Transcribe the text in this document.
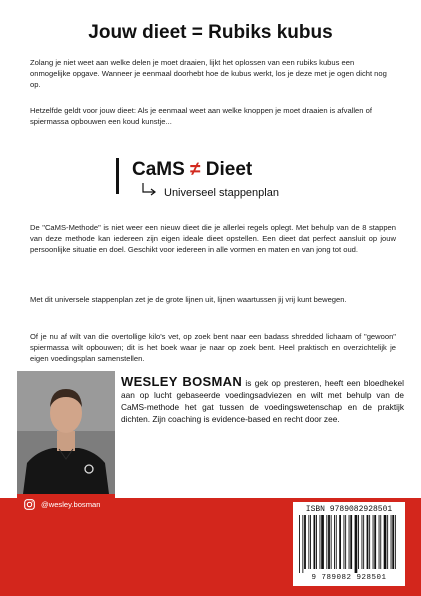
Jouw dieet = Rubiks kubus

Zolang je niet weet aan welke delen je moet draaien, lijkt het oplossen van een rubiks kubus een onmogelijke opgave. Wanneer je eenmaal doorhebt hoe de kubus werkt, los je deze met je ogen dicht nog op.

Hetzelfde geldt voor jouw dieet: Als je eenmaal weet aan welke knoppen je moet draaien is afvallen of spiermassa opbouwen een koud kunstje...

CaMS ≠ Dieet
Universeel stappenplan

De "CaMS-Methode" is niet weer een nieuw dieet die je allerlei regels oplegt. Met behulp van de 8 stappen van deze methode kan iedereen zijn eigen ideale dieet opstellen. Een dieet dat perfect aansluit op jouw persoonlijke situatie en doel. Geschikt voor iedereen in alle vormen en maten en van jong tot oud.

Met dit universele stappenplan zet je de grote lijnen uit, lijnen waartussen jij vrij kunt bewegen.

Of je nu af wilt van die overtollige kilo's vet, op zoek bent naar een badass shredded lichaam of "gewoon" spiermassa wilt opbouwen; dit is het boek waar je naar op zoek bent. Heel praktisch en overzichtelijk je eigen voedingsplan samenstellen.

@wesley.bosman

WESLEY BOSMAN is gek op presteren, heeft een bloedhekel aan op lucht gebaseerde voedingsadviezen en wilt met behulp van de CaMS-methode het gat tussen de voedingswetenschap en de praktijk dichten. Zijn coaching is evidence-based en recht door zee.

ISBN 9789082928501
9 789082 928501
